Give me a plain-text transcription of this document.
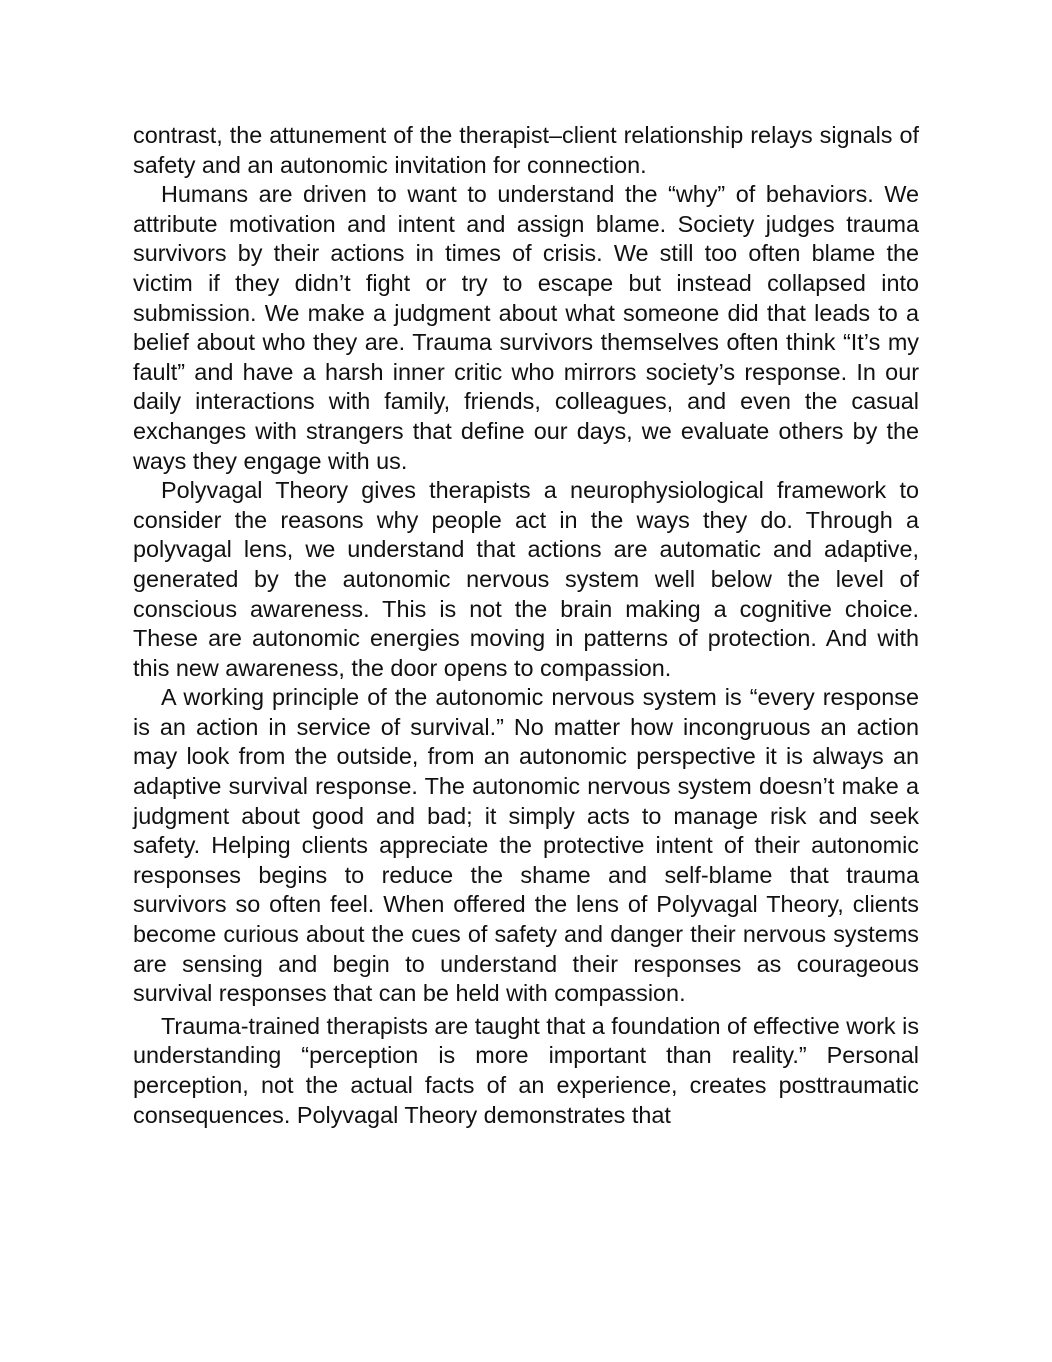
contrast, the attunement of the therapist–client relationship relays signals of safety and an autonomic invitation for connection.

Humans are driven to want to understand the “why” of behaviors. We attribute motivation and intent and assign blame. Society judges trauma survivors by their actions in times of crisis. We still too often blame the victim if they didn’t fight or try to escape but instead collapsed into submission. We make a judgment about what someone did that leads to a belief about who they are. Trauma survivors themselves often think “It’s my fault” and have a harsh inner critic who mirrors society’s response. In our daily interactions with family, friends, colleagues, and even the casual exchanges with strangers that define our days, we evaluate others by the ways they engage with us.

Polyvagal Theory gives therapists a neurophysiological framework to consider the reasons why people act in the ways they do. Through a polyvagal lens, we understand that actions are automatic and adaptive, generated by the autonomic nervous system well below the level of conscious awareness. This is not the brain making a cognitive choice. These are autonomic energies moving in patterns of protection. And with this new awareness, the door opens to compassion.

A working principle of the autonomic nervous system is “every response is an action in service of survival.” No matter how incongruous an action may look from the outside, from an autonomic perspective it is always an adaptive survival response. The autonomic nervous system doesn’t make a judgment about good and bad; it simply acts to manage risk and seek safety. Helping clients appreciate the protective intent of their autonomic responses begins to reduce the shame and self-blame that trauma survivors so often feel. When offered the lens of Polyvagal Theory, clients become curious about the cues of safety and danger their nervous systems are sensing and begin to understand their responses as courageous survival responses that can be held with compassion.

Trauma-trained therapists are taught that a foundation of effective work is understanding “perception is more important than reality.” Personal perception, not the actual facts of an experience, creates posttraumatic consequences. Polyvagal Theory demonstrates that
